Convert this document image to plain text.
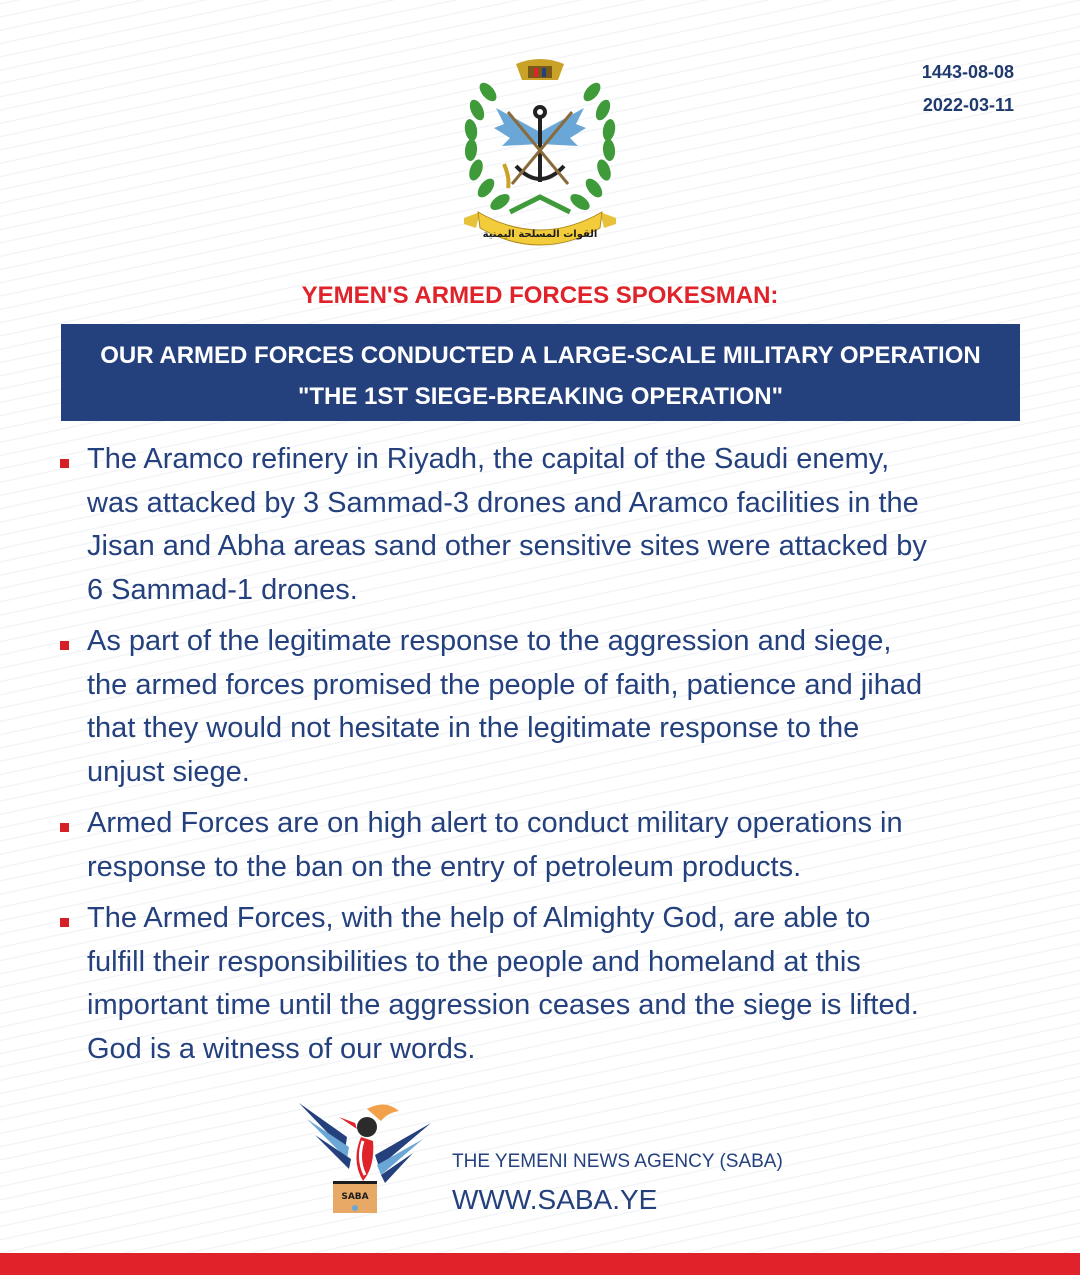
1443-08-08
2022-03-11
القوات المسلحة اليمنية
YEMEN'S ARMED FORCES SPOKESMAN:
OUR ARMED FORCES CONDUCTED A LARGE-SCALE MILITARY OPERATION
"THE 1ST SIEGE-BREAKING OPERATION"
The Aramco refinery in Riyadh, the capital of the Saudi enemy,
was attacked by 3 Sammad-3 drones and Aramco facilities in the
Jisan and Abha areas sand other sensitive sites were attacked by
6 Sammad-1 drones.
As part of the legitimate response to the aggression and siege,
the armed forces promised the people of faith, patience and jihad
that they would not hesitate in the legitimate response to the
unjust siege.
Armed Forces are on high alert to conduct military operations in
response to the ban on the entry of petroleum products.
The Armed Forces, with the help of Almighty God, are able to
fulfill their responsibilities to the people and homeland at this
important time until the aggression ceases and the siege is lifted.
God is a witness of our words.
SABA
THE YEMENI NEWS AGENCY (SABA)
WWW.SABA.YE
